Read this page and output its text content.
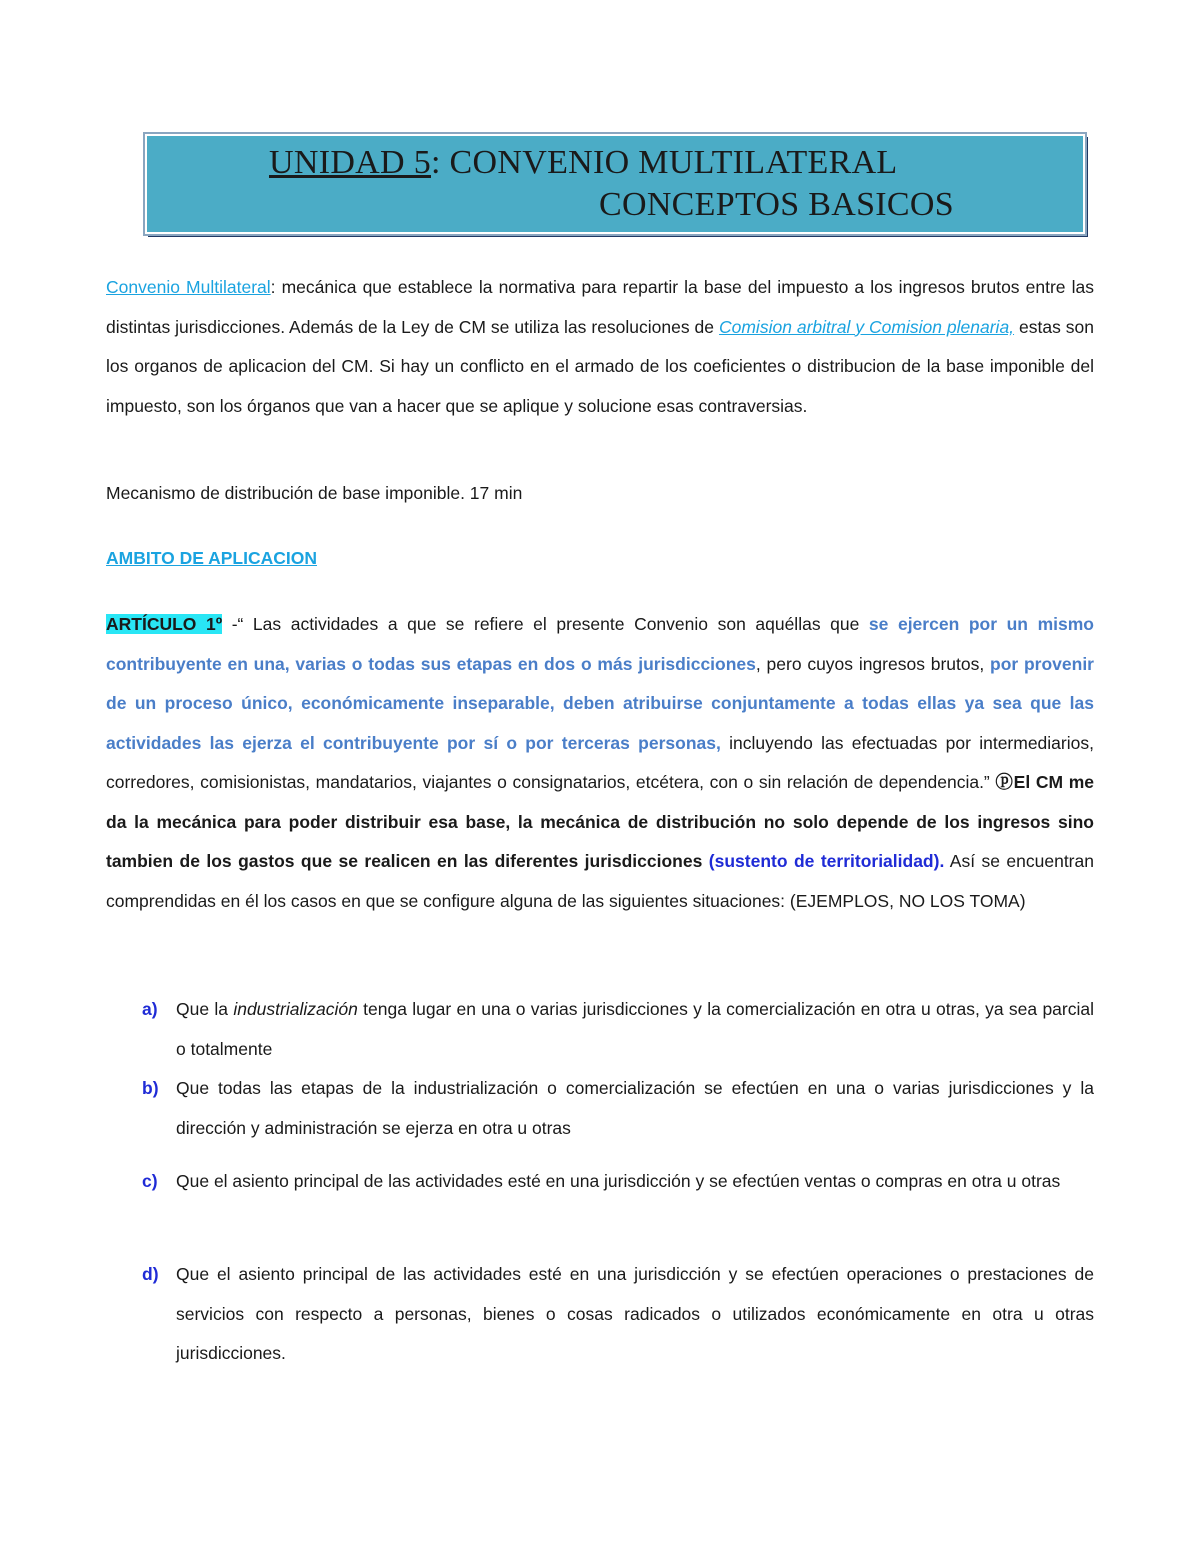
UNIDAD 5: CONVENIO MULTILATERAL
CONCEPTOS BASICOS
Convenio Multilateral: mecánica que establece la normativa para repartir la base del impuesto a los ingresos brutos entre las distintas jurisdicciones. Además de la Ley de CM se utiliza las resoluciones de Comision arbitral y Comision plenaria, estas son los organos de aplicacion del CM. Si hay un conflicto en el armado de los coeficientes o distribucion de la base imponible del impuesto, son los órganos que van a hacer que se aplique y solucione esas contraversias.
Mecanismo de distribución de base imponible. 17 min
AMBITO DE APLICACION
ARTÍCULO 1º -“ Las actividades a que se refiere el presente Convenio son aquéllas que se ejercen por un mismo contribuyente en una, varias o todas sus etapas en dos o más jurisdicciones, pero cuyos ingresos brutos, por provenir de un proceso único, económicamente inseparable, deben atribuirse conjuntamente a todas ellas ya sea que las actividades las ejerza el contribuyente por sí o por terceras personas, incluyendo las efectuadas por intermediarios, corredores, comisionistas, mandatarios, viajantes o consignatarios, etcétera, con o sin relación de dependencia.” ⓟEl CM me da la mecánica para poder distribuir esa base, la mecánica de distribución no solo depende de los ingresos sino tambien de los gastos que se realicen en las diferentes jurisdicciones (sustento de territorialidad). Así se encuentran comprendidas en él los casos en que se configure alguna de las siguientes situaciones: (EJEMPLOS, NO LOS TOMA)
a) Que la industrialización tenga lugar en una o varias jurisdicciones y la comercialización en otra u otras, ya sea parcial o totalmente
b) Que todas las etapas de la industrialización o comercialización se efectúen en una o varias jurisdicciones y la dirección y administración se ejerza en otra u otras
c) Que el asiento principal de las actividades esté en una jurisdicción y se efectúen ventas o compras en otra u otras
d) Que el asiento principal de las actividades esté en una jurisdicción y se efectúen operaciones o prestaciones de servicios con respecto a personas, bienes o cosas radicados o utilizados económicamente en otra u otras jurisdicciones.
